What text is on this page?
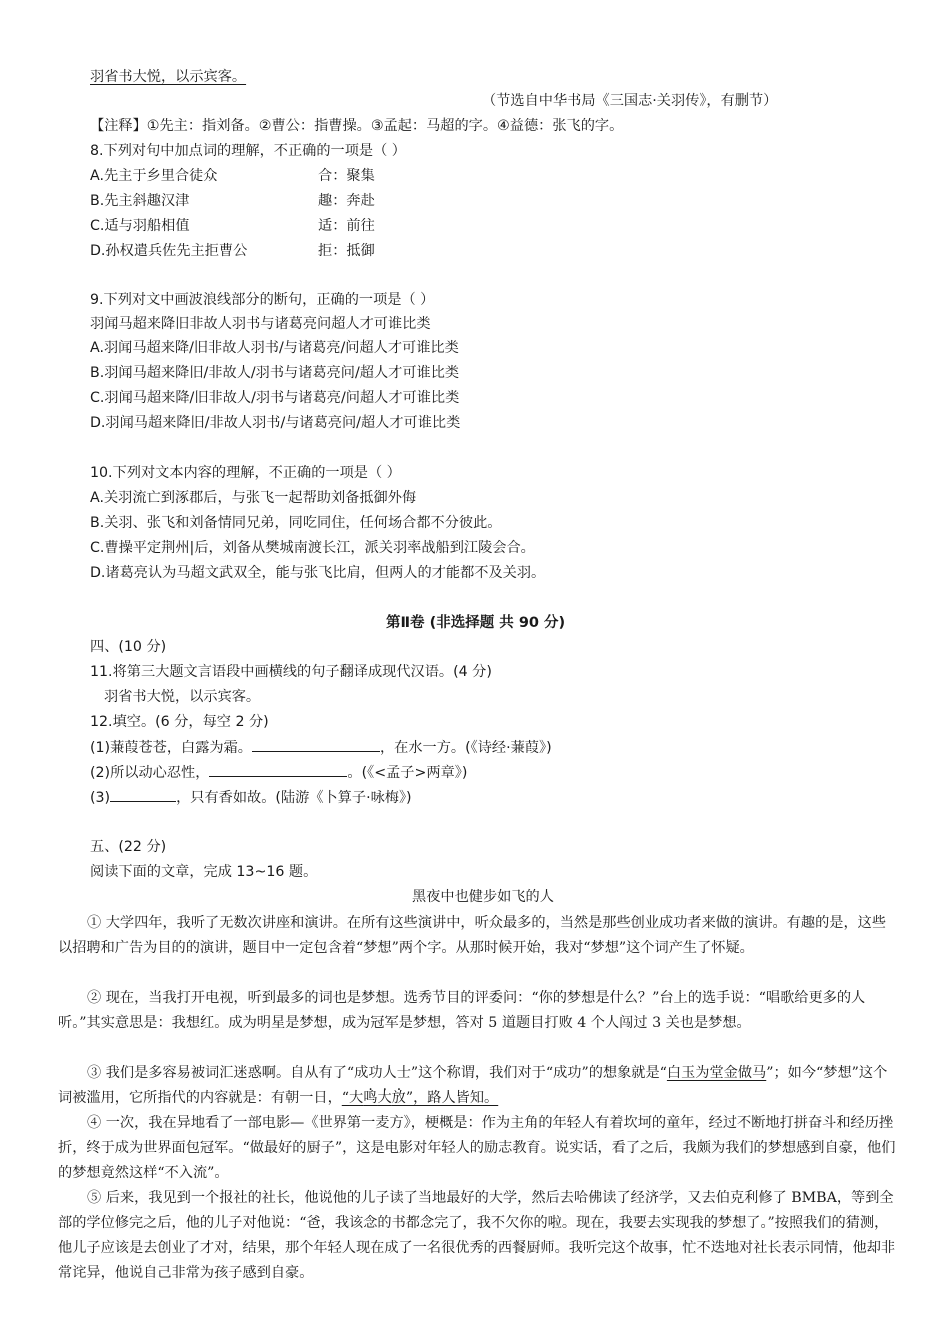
羽省书大悦，以示宾客。
（节选自中华书局《三国志·关羽传》，有删节）
【注释】①先主：指刘备。②曹公：指曹操。③孟起：马超的字。④益德：张飞的字。
8.下列对句中加点词的理解，不正确的一项是（ ）
A.先主于乡里合徒众	合：聚集
B.先主斜趣汉津	趣：奔赴
C.适与羽船相值	适：前往
D.孙权遣兵佐先主拒曹公	拒：抵御
9.下列对文中画波浪线部分的断句，正确的一项是（ ）
羽闻马超来降旧非故人羽书与诸葛亮问超人才可谁比类
A.羽闻马超来降/旧非故人羽书/与诸葛亮/问超人才可谁比类
B.羽闻马超来降旧/非故人/羽书与诸葛亮问/超人才可谁比类
C.羽闻马超来降/旧非故人/羽书与诸葛亮/问超人才可谁比类
D.羽闻马超来降旧/非故人羽书/与诸葛亮问/超人才可谁比类
10.下列对文本内容的理解，不正确的一项是（ ）
A.关羽流亡到涿郡后，与张飞一起帮助刘备抵御外侮
B.关羽、张飞和刘备情同兄弟，同吃同住，任何场合都不分彼此。
C.曹操平定荆州|后，刘备从樊城南渡长江，派关羽率战船到江陵会合。
D.诸葛亮认为马超文武双全，能与张飞比肩，但两人的才能都不及关羽。
第Ⅱ卷 (非选择题 共 90 分)
四、(10 分)
11.将第三大题文言语段中画横线的句子翻译成现代汉语。(4 分)
羽省书大悦，以示宾客。
12.填空。(6 分，每空 2 分)
(1)蒹葭苍苍，白露为霜。	，在水一方。(《诗经·蒹葭》)
(2)所以动心忍性，	。(《<孟子>两章》)
(3)	，只有香如故。(陆游《卜算子·咏梅》)
五、(22 分)
阅读下面的文章，完成 13~16 题。
黑夜中也健步如飞的人
① 大学四年，我听了无数次讲座和演讲。在所有这些演讲中，听众最多的，当然是那些创业成功者来做的演讲。有趣的是，这些以招聘和广告为目的的演讲，题目中一定包含着“梦想”两个字。从那时候开始，我对“梦想”这个词产生了怀疑。
② 现在，当我打开电视，听到最多的词也是梦想。选秀节目的评委问：“你的梦想是什么？”台上的选手说：“唱歌给更多的人听。”其实意思是：我想红。成为明星是梦想，成为冠军是梦想，答对 5 道题目打败 4 个人闯过 3 关也是梦想。
③ 我们是多容易被词汇迷惑啊。自从有了“成功人士”这个称谓，我们对于“成功”的想象就是“白玉为堂金做马”；如今“梦想”这个词被滥用，它所指代的内容就是：有朝一日，“大鸣大放”，路人皆知。
④ 一次，我在异地看了一部电影—《世界第一麦方》，梗概是：作为主角的年轻人有着坎坷的童年，经过不断地打拼奋斗和经历挫折，终于成为世界面包冠军。“做最好的厨子”，这是电影对年轻人的励志教育。说实话，看了之后，我颇为我们的梦想感到自豪，他们的梦想竟然这样“不入流”。
⑤ 后来，我见到一个报社的社长，他说他的儿子读了当地最好的大学，然后去哈佛读了经济学，又去伯克利修了 BMBA，等到全部的学位修完之后，他的儿子对他说：“爸，我该念的书都念完了，我不欠你的啦。现在，我要去实现我的梦想了。”按照我们的猜测，他儿子应该是去创业了才对，结果，那个年轻人现在成了一名很优秀的西餐厨师。我听完这个故事，忙不迭地对社长表示同情，他却非常诧异，他说自己非常为孩子感到自豪。
